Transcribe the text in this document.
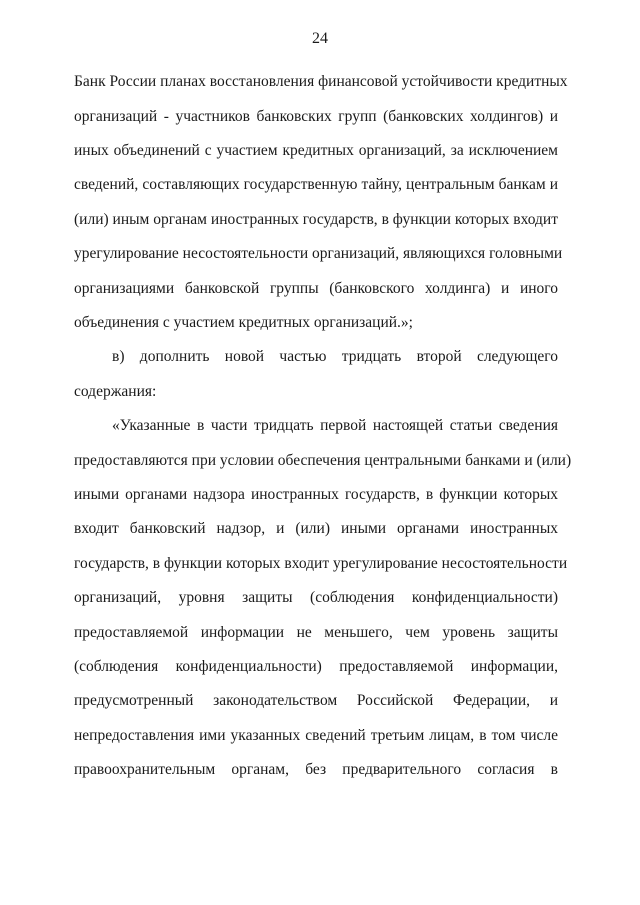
24
Банк России планах восстановления финансовой устойчивости кредитных
организаций - участников банковских групп (банковских холдингов) и
иных объединений с участием кредитных организаций, за исключением
сведений, составляющих государственную тайну, центральным банкам и
(или) иным органам иностранных государств, в функции которых входит
урегулирование несостоятельности организаций, являющихся головными
организациями банковской группы (банковского холдинга) и иного
объединения с участием кредитных организаций.»;
в) дополнить новой частью тридцать второй следующего
содержания:
«Указанные в части тридцать первой настоящей статьи сведения
предоставляются при условии обеспечения центральными банками и (или)
иными органами надзора иностранных государств, в функции которых
входит банковский надзор, и (или) иными органами иностранных
государств, в функции которых входит урегулирование несостоятельности
организаций, уровня защиты (соблюдения конфиденциальности)
предоставляемой информации не меньшего, чем уровень защиты
(соблюдения конфиденциальности) предоставляемой информации,
предусмотренный законодательством Российской Федерации, и
непредоставления ими указанных сведений третьим лицам, в том числе
правоохранительным органам, без предварительного согласия в
